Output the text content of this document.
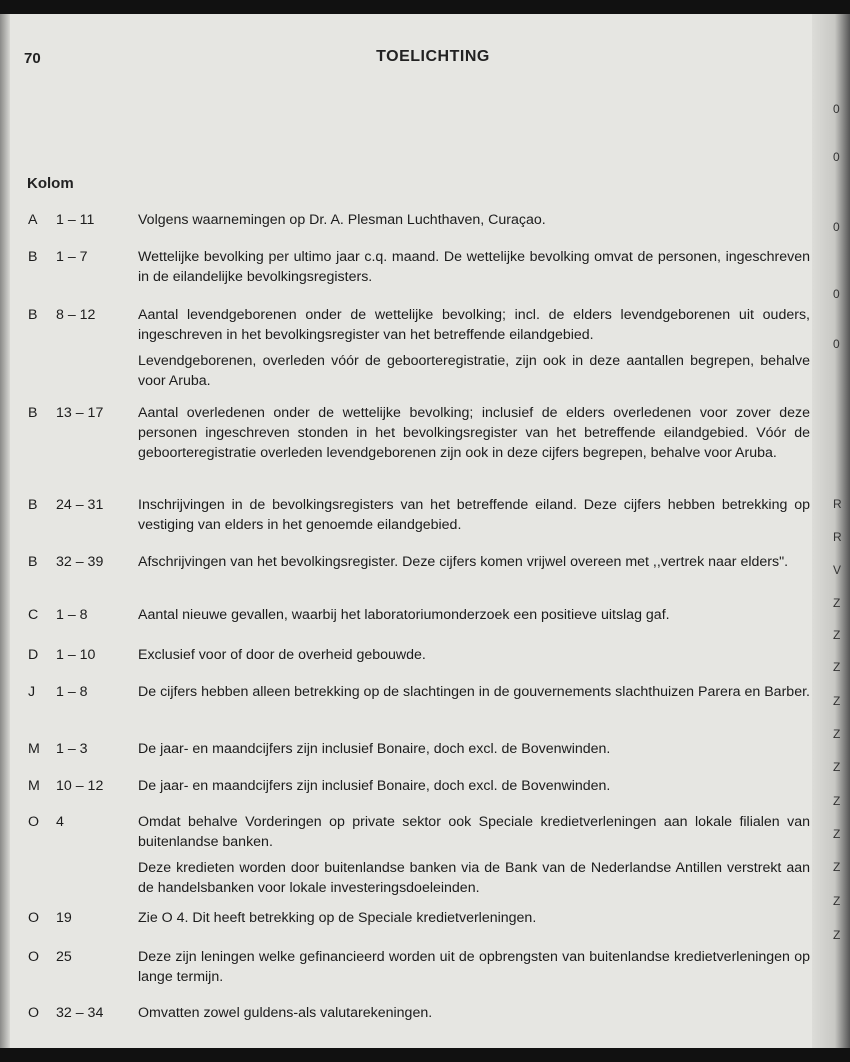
70	TOELICHTING
Kolom
A 1 – 11	Volgens waarnemingen op Dr. A. Plesman Luchthaven, Curaçao.

B 1 – 7	Wettelijke bevolking per ultimo jaar c.q. maand. De wettelijke bevolking omvat de personen, ingeschreven in de eilandelijke bevolkingsregisters.

B 8 – 12	Aantal levendgeborenen onder de wettelijke bevolking; incl. de elders levendgeborenen uit ouders, ingeschreven in het bevolkingsregister van het betreffende eilandgebied.

Levendgeborenen, overleden vóór de geboorteregistratie, zijn ook in deze aantallen begrepen, behalve voor Aruba.

B 13 – 17	Aantal overledenen onder de wettelijke bevolking; inclusief de elders overledenen voor zover deze personen ingeschreven stonden in het bevolkingsregister van het betreffende eilandgebied. Vóór de geboorteregistratie overleden levendgeborenen zijn ook in deze cijfers begrepen, behalve voor Aruba.

B 24 – 31	Inschrijvingen in de bevolkingsregisters van het betreffende eiland. Deze cijfers hebben betrekking op vestiging van elders in het genoemde eilandgebied.

B 32 – 39	Afschrijvingen van het bevolkingsregister. Deze cijfers komen vrijwel overeen met ,,vertrek naar elders".

C 1 – 8	Aantal nieuwe gevallen, waarbij het laboratoriumonderzoek een positieve uitslag gaf.

D 1 – 10	Exclusief voor of door de overheid gebouwde.

J 1 – 8	De cijfers hebben alleen betrekking op de slachtingen in de gouvernements slachthuizen Parera en Barber.

M 1 – 3	De jaar- en maandcijfers zijn inclusief Bonaire, doch excl. de Bovenwinden.

M 10 – 12	De jaar- en maandcijfers zijn inclusief Bonaire, doch excl. de Bovenwinden.

O 4	Omdat behalve Vorderingen op private sektor ook Speciale kredietverleningen aan lokale filialen van buitenlandse banken.

Deze kredieten worden door buitenlandse banken via de Bank van de Nederlandse Antillen verstrekt aan de handelsbanken voor lokale investeringsdoeleinden.

O 19	Zie O 4. Dit heeft betrekking op de Speciale kredietverleningen.

O 25	Deze zijn leningen welke gefinancieerd worden uit de opbrengsten van buitenlandse kredietverleningen op lange termijn.

O 32 – 34	Omvatten zowel guldens-als valutarekeningen.

0
0
0
0
0
R
R
V
Z
Z
Z
Z
Z
Z
Z
Z
Z
Z
Z
